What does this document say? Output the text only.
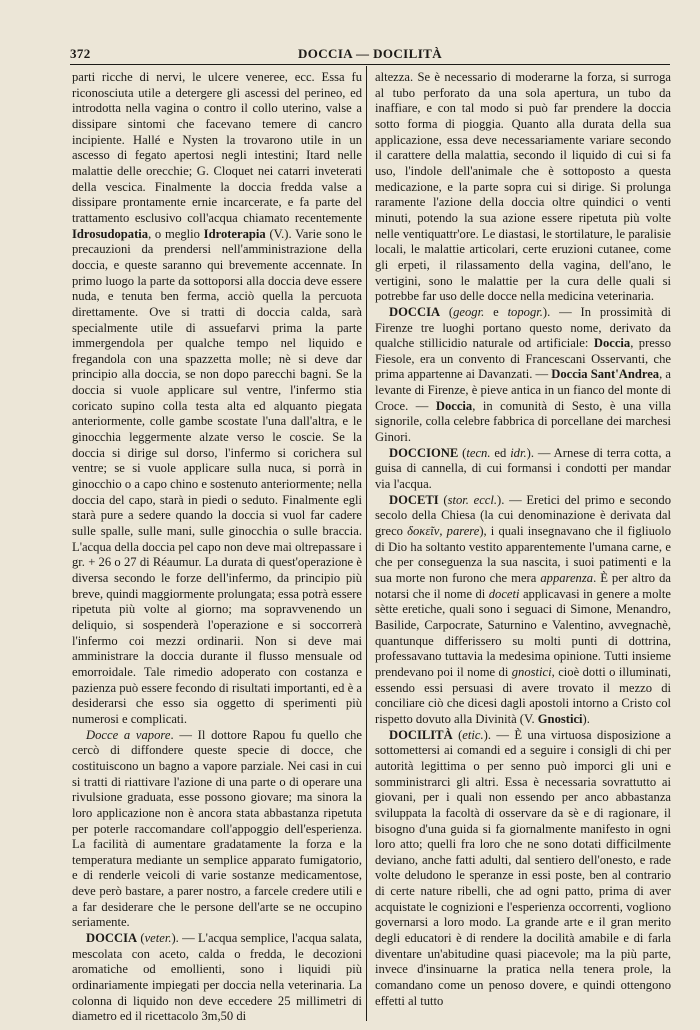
372	DOCCIA — DOCILITÀ

parti ricche di nervi, le ulcere veneree, ecc. Essa fu riconosciuta utile a detergere gli ascessi del perineo, ed introdotta nella vagina o contro il collo uterino, valse a dissipare sintomi che facevano temere di cancro incipiente. Hallé e Nysten la trovarono utile in un ascesso di fegato apertosi negli intestini; Itard nelle malattie delle orecchie; G. Cloquet nei catarri inveterati della vescica. Finalmente la doccia fredda valse a dissipare prontamente ernie incarcerate, e fa parte del trattamento esclusivo coll'acqua chiamato recentemente Idrosudopatia, o meglio Idroterapia (V.). Varie sono le precauzioni da prendersi nell'amministrazione della doccia, e queste saranno qui brevemente accennate. In primo luogo la parte da sottoporsi alla doccia deve essere nuda, e tenuta ben ferma, acciò quella la percuota direttamente. Ove si tratti di doccia calda, sarà specialmente utile di assuefarvi prima la parte immergendola per qualche tempo nel liquido e fregandola con una spazzetta molle; nè si deve dar principio alla doccia, se non dopo parecchi bagni. Se la doccia si vuole applicare sul ventre, l'infermo stia coricato supino colla testa alta ed alquanto piegata anteriormente, colle gambe scostate l'una dall'altra, e le ginocchia leggermente alzate verso le coscie. Se la doccia si dirige sul dorso, l'infermo si corichera sul ventre; se si vuole applicare sulla nuca, si porrà in ginocchio o a capo chino e sostenuto anteriormente; nella doccia del capo, starà in piedi o seduto. Finalmente egli starà pure a sedere quando la doccia si vuol far cadere sulle spalle, sulle mani, sulle ginocchia o sulle braccia. L'acqua della doccia pel capo non deve mai oltrepassare i gr. + 26 o 27 di Réaumur. La durata di quest'operazione è diversa secondo le forze dell'infermo, da principio più breve, quindi maggiormente prolungata; essa potrà essere ripetuta più volte al giorno; ma sopravvenendo un deliquio, si sospenderà l'operazione e si soccorrerà l'infermo coi mezzi ordinarii. Non si deve mai amministrare la doccia durante il flusso mensuale od emorroidale. Tale rimedio adoperato con costanza e pazienza può essere fecondo di risultati importanti, ed è a desiderarsi che esso sia oggetto di sperimenti più numerosi e complicati.

Docce a vapore. — Il dottore Rapou fu quello che cercò di diffondere queste specie di docce, che costituiscono un bagno a vapore parziale. Nei casi in cui si tratti di riattivare l'azione di una parte o di operare una rivulsione graduata, esse possono giovare; ma sinora la loro applicazione non è ancora stata abbastanza ripetuta per poterle raccomandare coll'appoggio dell'esperienza. La facilità di aumentare gradatamente la forza e la temperatura mediante un semplice apparato fumigatorio, e di renderle veicoli di varie sostanze medicamentose, deve però bastare, a parer nostro, a farcele credere utili e a far desiderare che le persone dell'arte se ne occupino seriamente.

DOCCIA (veter.). — L'acqua semplice, l'acqua salata, mescolata con aceto, calda o fredda, le decozioni aromatiche od emollienti, sono i liquidi più ordinariamente impiegati per doccia nella veterinaria. La colonna di liquido non deve eccedere 25 millimetri di diametro ed il ricettacolo 3m,50 di

altezza. Se è necessario di moderarne la forza, si surroga al tubo perforato da una sola apertura, un tubo da inaffiare, e con tal modo si può far prendere la doccia sotto forma di pioggia. Quanto alla durata della sua applicazione, essa deve necessariamente variare secondo il carattere della malattia, secondo il liquido di cui si fa uso, l'indole dell'animale che è sottoposto a questa medicazione, e la parte sopra cui si dirige. Si prolunga raramente l'azione della doccia oltre quindici o venti minuti, potendo la sua azione essere ripetuta più volte nelle ventiquattr'ore. Le diastasi, le stortilature, le paralisie locali, le malattie articolari, certe eruzioni cutanee, come gli erpeti, il rilassamento della vagina, dell'ano, le vertigini, sono le malattie per la cura delle quali si potrebbe far uso delle docce nella medicina veterinaria.

DOCCIA (geogr. e topogr.). — In prossimità di Firenze tre luoghi portano questo nome, derivato da qualche stillicidio naturale od artificiale: Doccia, presso Fiesole, era un convento di Francescani Osservanti, che prima appartenne ai Davanzati. — Doccia Sant'Andrea, a levante di Firenze, è pieve antica in un fianco del monte di Croce. — Doccia, in comunità di Sesto, è una villa signorile, colla celebre fabbrica di porcellane dei marchesi Ginori.

DOCCIONE (tecn. ed idr.). — Arnese di terra cotta, a guisa di cannella, di cui formansi i condotti per mandar via l'acqua.

DOCETI (stor. eccl.). — Eretici del primo e secondo secolo della Chiesa (la cui denominazione è derivata dal greco δοκεῖν, parere), i quali insegnavano che il figliuolo di Dio ha soltanto vestito apparentemente l'umana carne, e che per conseguenza la sua nascita, i suoi patimenti e la sua morte non furono che mera apparenza. È per altro da notarsi che il nome di doceti applicavasi in genere a molte sètte eretiche, quali sono i seguaci di Simone, Menandro, Basilide, Carpocrate, Saturnino e Valentino, avvegnachè, quantunque differissero su molti punti di dottrina, professavano tuttavia la medesima opinione. Tutti insieme prendevano poi il nome di gnostici, cioè dotti o illuminati, essendo essi persuasi di avere trovato il mezzo di conciliare ciò che dicesi dagli apostoli intorno a Cristo col rispetto dovuto alla Divinità (V. Gnostici).

DOCILITÀ (etic.). — È una virtuosa disposizione a sottomettersi ai comandi ed a seguire i consigli di chi per autorità legittima o per senno può imporci gli uni e somministrarci gli altri. Essa è necessaria sovrattutto ai giovani, per i quali non essendo per anco abbastanza sviluppata la facoltà di osservare da sè e di ragionare, il bisogno d'una guida si fa giornalmente manifesto in ogni loro atto; quelli fra loro che ne sono dotati difficilmente deviano, anche fatti adulti, dal sentiero dell'onesto, e rade volte deludono le speranze in essi poste, ben al contrario di certe nature ribelli, che ad ogni patto, prima di aver acquistate le cognizioni e l'esperienza occorrenti, vogliono governarsi a loro modo. La grande arte e il gran merito degli educatori è di rendere la docilità amabile e di farla diventare un'abitudine quasi piacevole; ma la più parte, invece d'insinuarne la pratica nella tenera prole, la comandano come un penoso dovere, e quindi ottengono effetti al tutto
